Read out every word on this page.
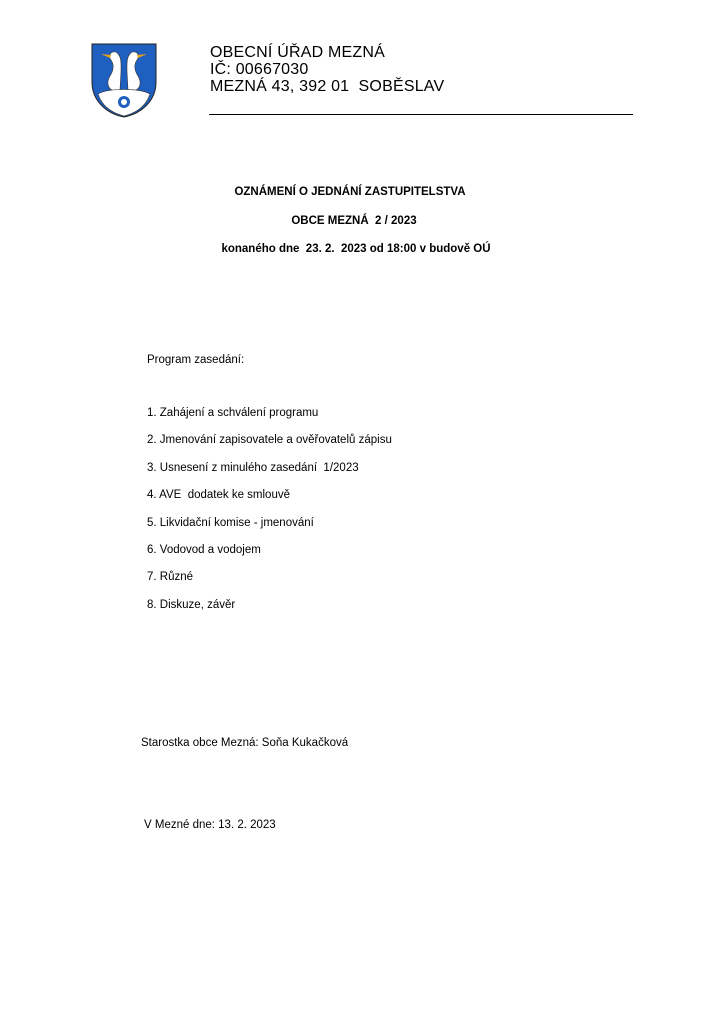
OBECNÍ ÚŘAD MEZNÁ
IČ: 00667030
MEZNÁ 43, 392 01  SOBĚSLAV
OZNÁMENÍ O JEDNÁNÍ ZASTUPITELSTVA
OBCE MEZNÁ  2 / 2023
konaného dne  23. 2.  2023 od 18:00 v budově OÚ
Program zasedání:
1. Zahájení a schválení programu
2. Jmenování zapisovatele a ověřovatelů zápisu
3. Usnesení z minulého zasedání  1/2023
4. AVE  dodatek ke smlouvě
5. Likvidační komise - jmenování
6. Vodovod a vodojem
7. Různé
8. Diskuze, závěr
Starostka obce Mezná: Soňa Kukačková
V Mezné dne: 13. 2. 2023
